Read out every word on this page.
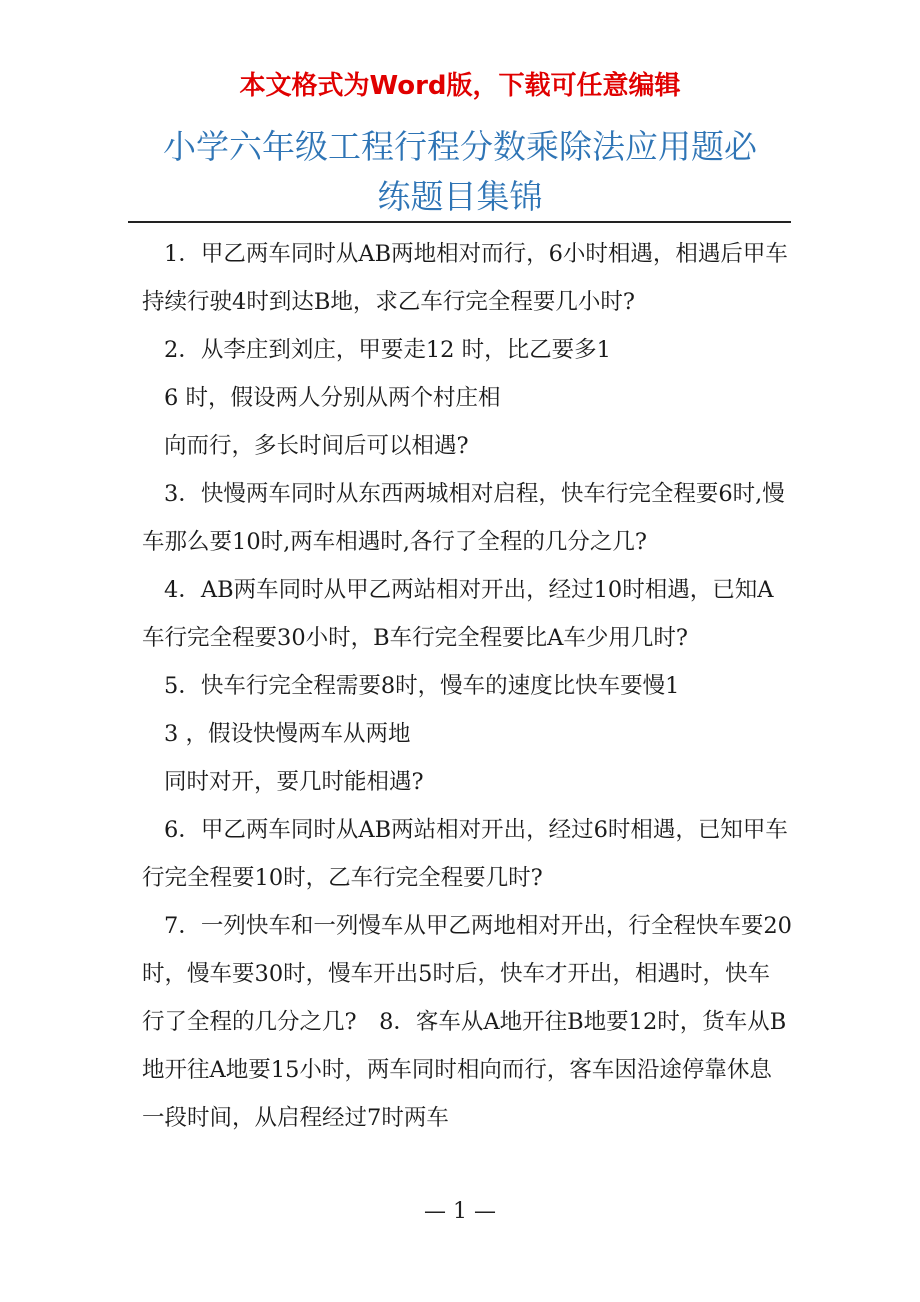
本文格式为Word版，下载可任意编辑

小学六年级工程行程分数乘除法应用题必
练题目集锦

1．甲乙两车同时从AB两地相对而行，6小时相遇，相遇后甲车持续行驶4时到达B地，求乙车行完全程要几小时?

2．从李庄到刘庄，甲要走12 时，比乙要多1

6 时，假设两人分别从两个村庄相
向而行，多长时间后可以相遇?

3．快慢两车同时从东西两城相对启程，快车行完全程要6时,慢车那么要10时,两车相遇时,各行了全程的几分之几?

4．AB两车同时从甲乙两站相对开出，经过10时相遇，已知A车行完全程要30小时，B车行完全程要比A车少用几时?

5．快车行完全程需要8时，慢车的速度比快车要慢1

3 ，假设快慢两车从两地
同时对开，要几时能相遇?

6．甲乙两车同时从AB两站相对开出，经过6时相遇，已知甲车行完全程要10时，乙车行完全程要几时?

7．一列快车和一列慢车从甲乙两地相对开出，行全程快车要20时，慢车要30时，慢车开出5时后，快车才开出，相遇时，快车行了全程的几分之几?　8．客车从A地开往B地要12时，货车从B地开往A地要15小时，两车同时相向而行，客车因沿途停靠休息一段时间，从启程经过7时两车

— 1 —
